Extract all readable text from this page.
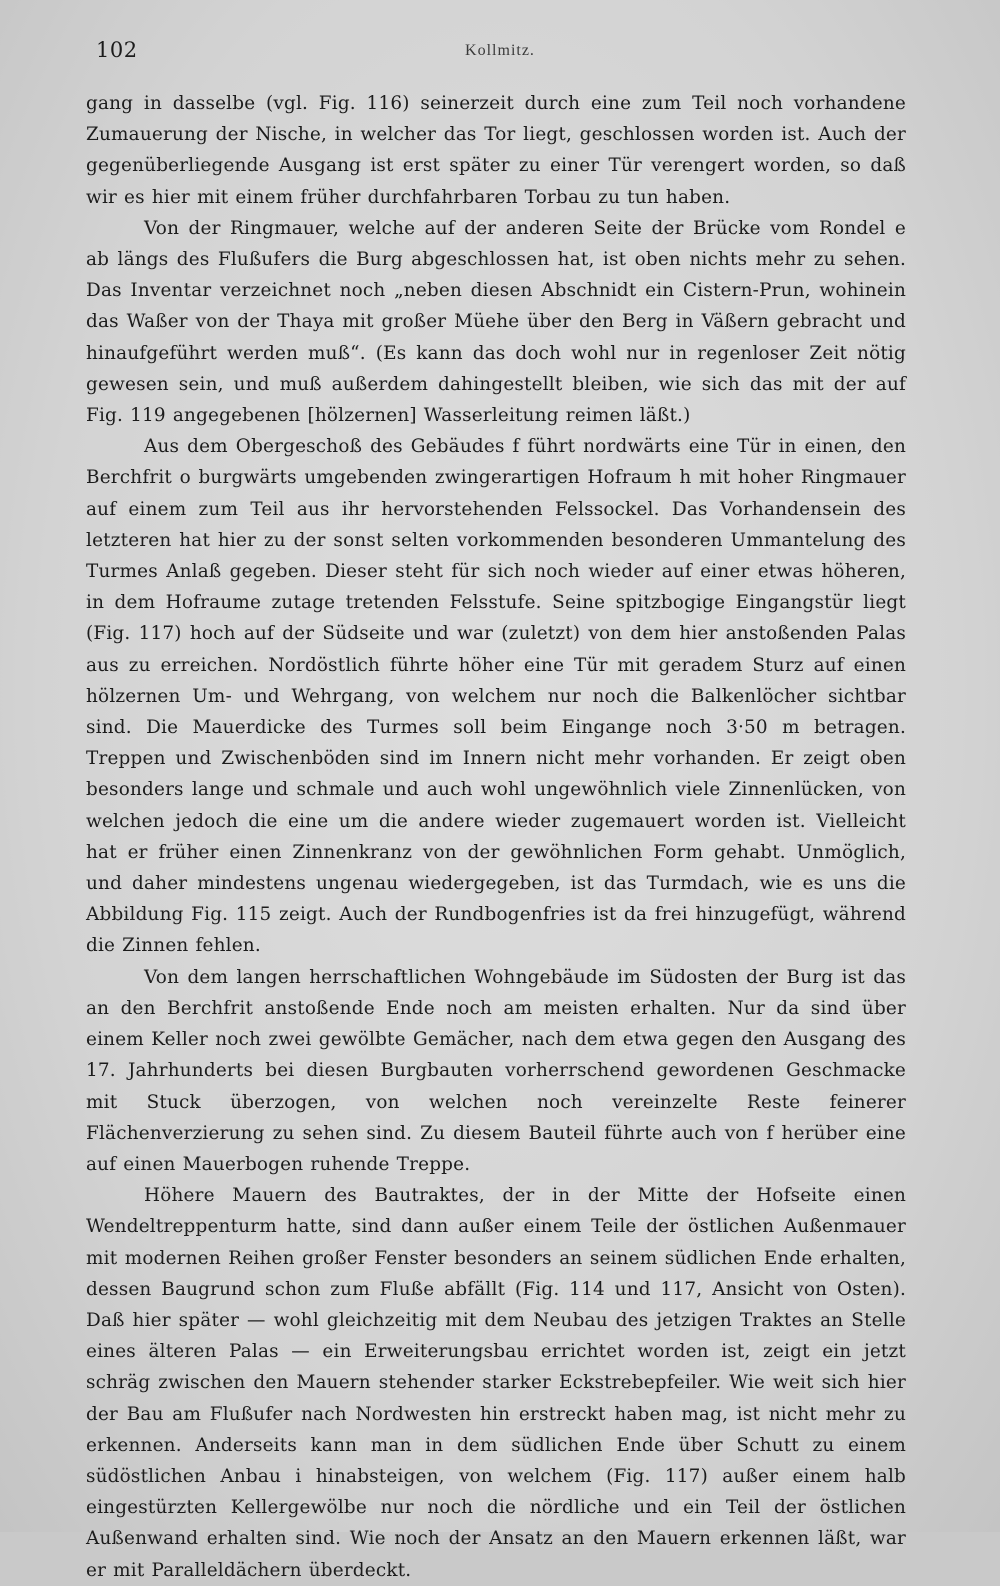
102	Kollmitz.

gang in dasselbe (vgl. Fig. 116) seinerzeit durch eine zum Teil noch vorhandene Zumauerung der Nische, in welcher das Tor liegt, geschlossen worden ist. Auch der gegenüberliegende Ausgang ist erst später zu einer Tür verengert worden, so daß wir es hier mit einem früher durchfahrbaren Torbau zu tun haben.

Von der Ringmauer, welche auf der anderen Seite der Brücke vom Rondel e ab längs des Flußufers die Burg abgeschlossen hat, ist oben nichts mehr zu sehen. Das Inventar verzeichnet noch „neben diesen Abschnidt ein Cistern-Prun, wohinein das Waßer von der Thaya mit großer Müehe über den Berg in Väßern gebracht und hinaufgeführt werden muß“. (Es kann das doch wohl nur in regenloser Zeit nötig gewesen sein, und muß außerdem dahingestellt bleiben, wie sich das mit der auf Fig. 119 angegebenen [hölzernen] Wasserleitung reimen läßt.)

Aus dem Obergeschoß des Gebäudes f führt nordwärts eine Tür in einen, den Berchfrit o burgwärts umgebenden zwingerartigen Hofraum h mit hoher Ringmauer auf einem zum Teil aus ihr hervorstehenden Felssockel. Das Vorhandensein des letzteren hat hier zu der sonst selten vorkommenden besonderen Ummantelung des Turmes Anlaß gegeben. Dieser steht für sich noch wieder auf einer etwas höheren, in dem Hofraume zutage tretenden Felsstufe. Seine spitzbogige Eingangstür liegt (Fig. 117) hoch auf der Südseite und war (zuletzt) von dem hier anstoßenden Palas aus zu erreichen. Nordöstlich führte höher eine Tür mit geradem Sturz auf einen hölzernen Um- und Wehrgang, von welchem nur noch die Balkenlöcher sichtbar sind. Die Mauerdicke des Turmes soll beim Eingange noch 3·50 m betragen. Treppen und Zwischenböden sind im Innern nicht mehr vorhanden. Er zeigt oben besonders lange und schmale und auch wohl ungewöhnlich viele Zinnenlücken, von welchen jedoch die eine um die andere wieder zugemauert worden ist. Vielleicht hat er früher einen Zinnenkranz von der gewöhnlichen Form gehabt. Unmöglich, und daher mindestens ungenau wiedergegeben, ist das Turmdach, wie es uns die Abbildung Fig. 115 zeigt. Auch der Rundbogenfries ist da frei hinzugefügt, während die Zinnen fehlen.

Von dem langen herrschaftlichen Wohngebäude im Südosten der Burg ist das an den Berchfrit anstoßende Ende noch am meisten erhalten. Nur da sind über einem Keller noch zwei gewölbte Gemächer, nach dem etwa gegen den Ausgang des 17. Jahrhunderts bei diesen Burgbauten vorherrschend gewordenen Geschmacke mit Stuck überzogen, von welchen noch vereinzelte Reste feinerer Flächenverzierung zu sehen sind. Zu diesem Bauteil führte auch von f herüber eine auf einen Mauerbogen ruhende Treppe.

Höhere Mauern des Bautraktes, der in der Mitte der Hofseite einen Wendeltreppenturm hatte, sind dann außer einem Teile der östlichen Außenmauer mit modernen Reihen großer Fenster besonders an seinem südlichen Ende erhalten, dessen Baugrund schon zum Fluße abfällt (Fig. 114 und 117, Ansicht von Osten). Daß hier später — wohl gleichzeitig mit dem Neubau des jetzigen Traktes an Stelle eines älteren Palas — ein Erweiterungsbau errichtet worden ist, zeigt ein jetzt schräg zwischen den Mauern stehender starker Eckstrebepfeiler. Wie weit sich hier der Bau am Flußufer nach Nordwesten hin erstreckt haben mag, ist nicht mehr zu erkennen. Anderseits kann man in dem südlichen Ende über Schutt zu einem südöstlichen Anbau i hinabsteigen, von welchem (Fig. 117) außer einem halb eingestürzten Kellergewölbe nur noch die nördliche und ein Teil der östlichen Außenwand erhalten sind. Wie noch der Ansatz an den Mauern erkennen läßt, war er mit Paralleldächern überdeckt.
